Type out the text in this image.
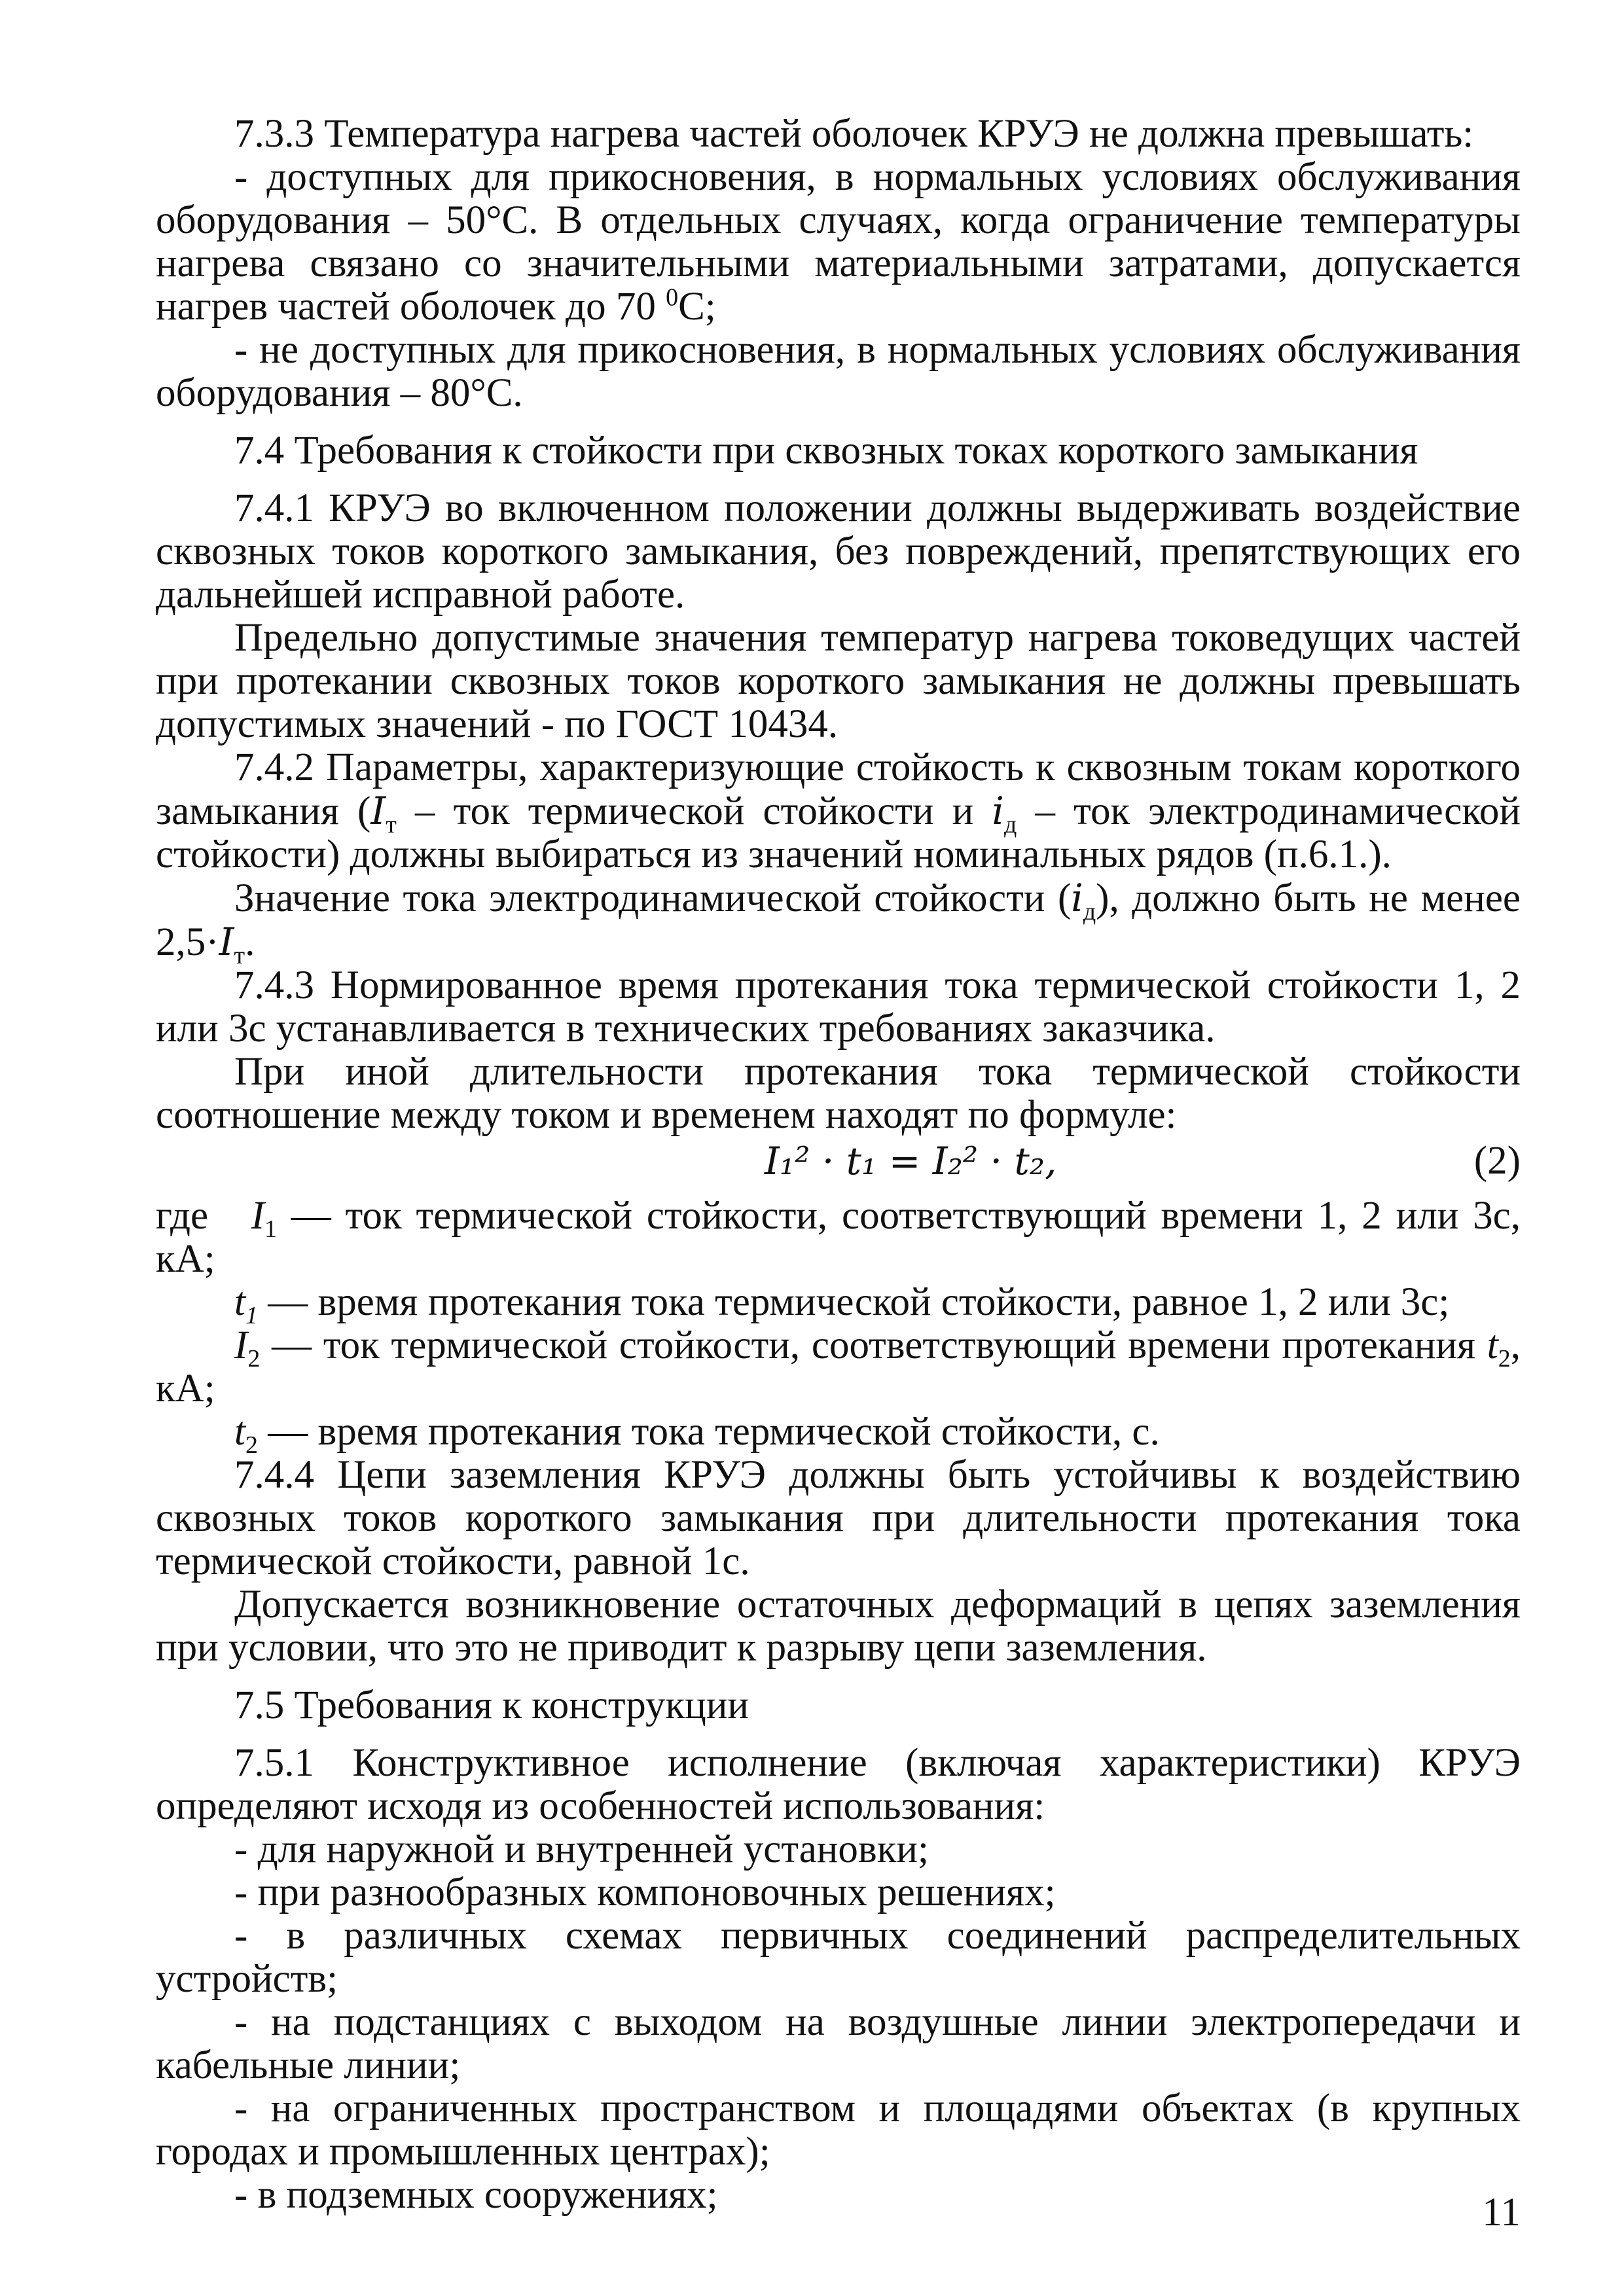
7.3.3 Температура нагрева частей оболочек КРУЭ не должна превышать:

- доступных для прикосновения, в нормальных условиях обслуживания оборудования – 50°С. В отдельных случаях, когда ограничение температуры нагрева связано со значительными материальными затратами, допускается нагрев частей оболочек до 70 $^0$С;

- не доступных для прикосновения, в нормальных условиях обслуживания оборудования – 80°С.

7.4 Требования к стойкости при сквозных токах короткого замыкания

7.4.1 КРУЭ во включенном положении должны выдерживать воздействие сквозных токов короткого замыкания, без повреждений, препятствующих его дальнейшей исправной работе.

Предельно допустимые значения температур нагрева токоведущих частей при протекании сквозных токов короткого замыкания не должны превышать допустимых значений - по ГОСТ 10434.

7.4.2 Параметры, характеризующие стойкость к сквозным токам короткого замыкания ($I_т$ – ток термической стойкости и $i_д$ – ток электродинамической стойкости) должны выбираться из значений номинальных рядов (п.6.1.).

Значение тока электродинамической стойкости $(i_д)$, должно быть не менее $2,5\cdot I_т$.

7.4.3 Нормированное время протекания тока термической стойкости 1, 2 или 3с устанавливается в технических требованиях заказчика.

При иной длительности протекания тока термической стойкости соотношение между током и временем находят по формуле:

I₁² · t₁ = I₂² · t₂,	(2)

где $I_1$ — ток термической стойкости, соответствующий времени 1, 2 или 3с, кА;

$t_1$ — время протекания тока термической стойкости, равное 1, 2 или 3с;

$I_2$ — ток термической стойкости, соответствующий времени протекания $t_2$, кА;

$t_2$ — время протекания тока термической стойкости, с.

7.4.4 Цепи заземления КРУЭ должны быть устойчивы к воздействию сквозных токов короткого замыкания при длительности протекания тока термической стойкости, равной 1с.

Допускается возникновение остаточных деформаций в цепях заземления при условии, что это не приводит к разрыву цепи заземления.

7.5 Требования к конструкции

7.5.1 Конструктивное исполнение (включая характеристики) КРУЭ определяют исходя из особенностей использования:

- для наружной и внутренней установки;

- при разнообразных компоновочных решениях;

- в различных схемах первичных соединений распределительных устройств;

- на подстанциях с выходом на воздушные линии электропередачи и кабельные линии;

- на ограниченных пространством и площадями объектах (в крупных городах и промышленных центрах);

- в подземных сооружениях;	11
